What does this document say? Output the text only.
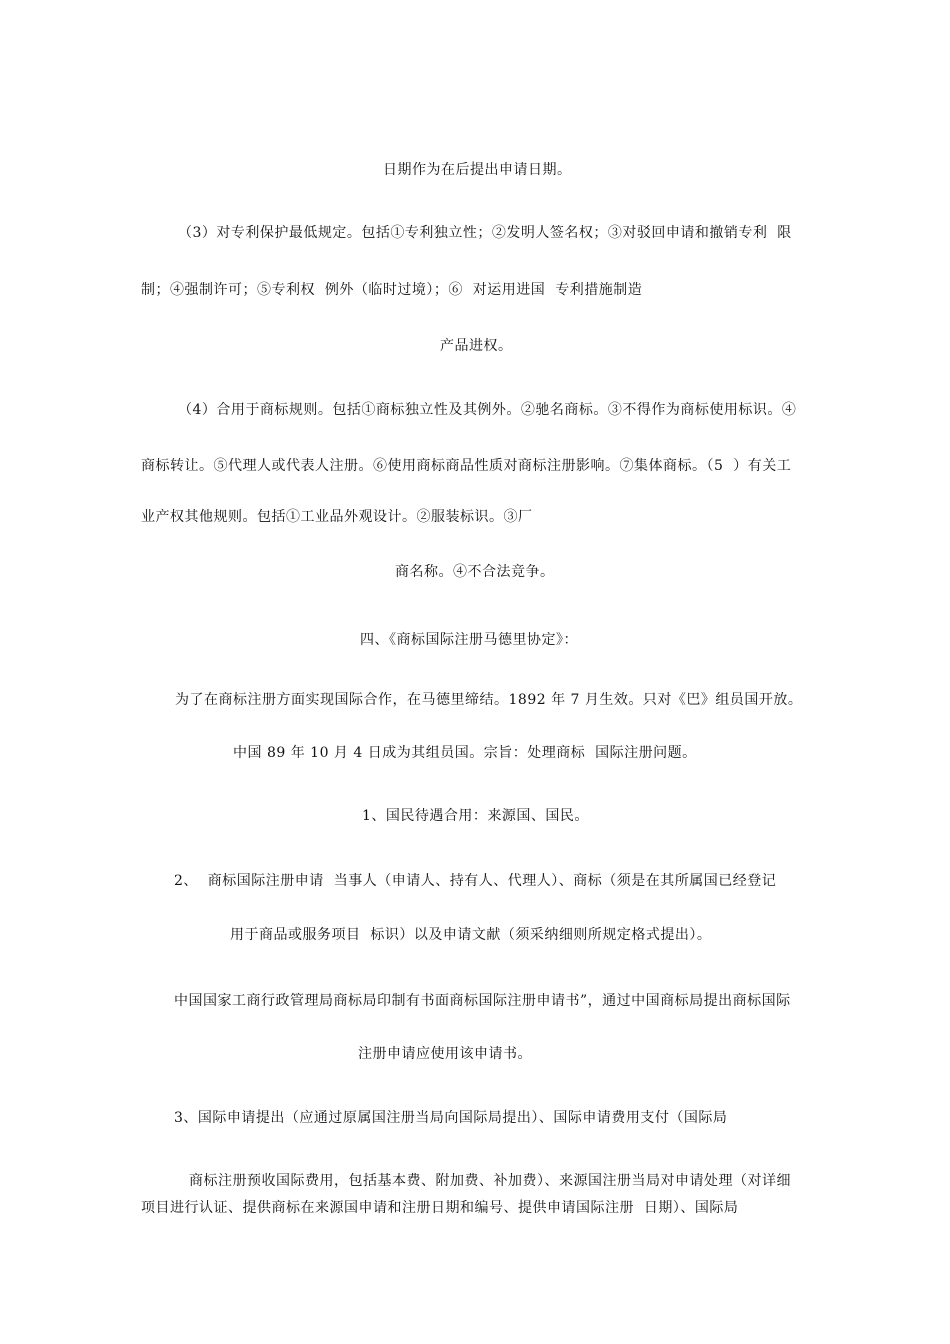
日期作为在后提出申请日期。
（3）对专利保护最低规定。包括①专利独立性；②发明人签名权；③对驳回申请和撤销专利  限
制；④强制许可；⑤专利权  例外（临时过境）；⑥  对运用进国  专利措施制造
产品进权。
（4）合用于商标规则。包括①商标独立性及其例外。②驰名商标。③不得作为商标使用标识。④
商标转让。⑤代理人或代表人注册。⑥使用商标商品性质对商标注册影响。⑦集体商标。（5  ）有关工
业产权其他规则。包括①工业品外观设计。②服装标识。③厂
商名称。④不合法竞争。
四、《商标国际注册马德里协定》：
为了在商标注册方面实现国际合作，在马德里缔结。1892 年 7 月生效。只对《巴》组员国开放。
中国 89 年 10 月 4 日成为其组员国。宗旨：处理商标  国际注册问题。
1、国民待遇合用：来源国、国民。
2、  商标国际注册申请  当事人（申请人、持有人、代理人）、商标（须是在其所属国已经登记
用于商品或服务项目  标识）以及申请文献（须采纳细则所规定格式提出）。
中国国家工商行政管理局商标局印制有书面商标国际注册申请书”，通过中国商标局提出商标国际
注册申请应使用该申请书。
3、国际申请提出（应通过原属国注册当局向国际局提出）、国际申请费用支付（国际局
商标注册预收国际费用，包括基本费、附加费、补加费）、来源国注册当局对申请处理（对详细
项目进行认证、提供商标在来源国申请和注册日期和编号、提供申请国际注册  日期）、国际局
